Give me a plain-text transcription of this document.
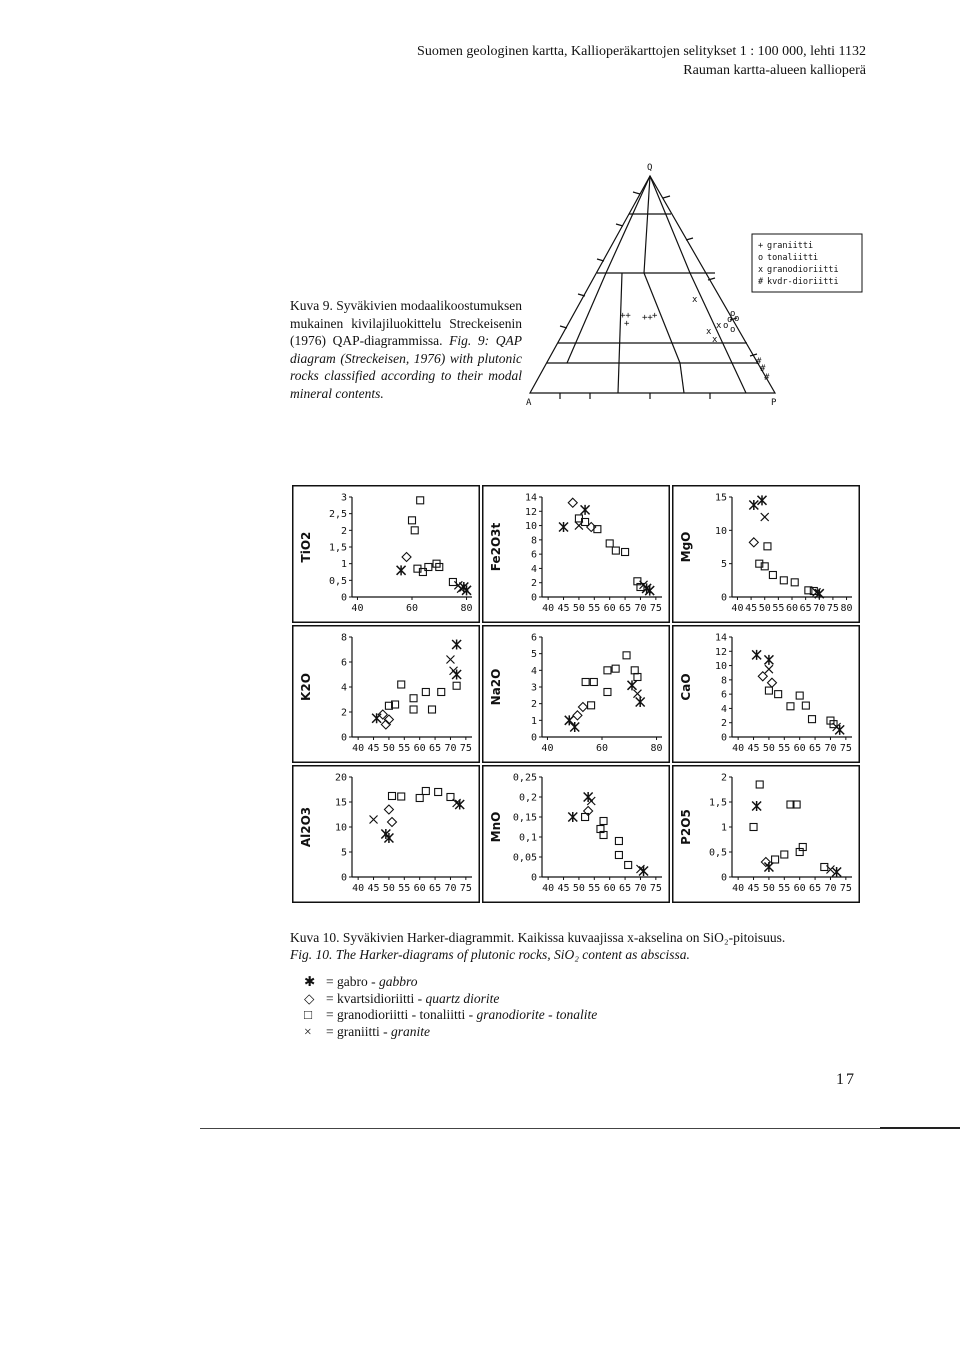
Suomen geologinen kartta, Kallioperäkarttojen selitykset 1 : 100 000, lehti 1132
Rauman kartta-alueen kallioperä
Kuva 9. Syväkivien modaalikoostumuksen mukainen kivilajiluokittelu Streckeisenin (1976) QAP-diagrammissa. Fig. 9: QAP diagram (Streckeisen, 1976) with plutonic rocks classified according to their modal mineral contents.
Q
A	P
++
+
++ +
x
x
x
x
o
o
o
o
o
#
#
#
+ graniitti
o tonaliitti
x granodioriitti
# kvdr-dioriitti
TiO2
3
2,5
2
1,5
1
0,5
0
40	60	80
Fe2O3t
14
12
10
8
6
4
2
0
40 45 50 55 60 65 70 75
MgO
15
10
5
0
40 45 50 55 60 65 70 75 80
K2O
8
6
4
2
0
40 45 50 55 60 65 70 75
Na2O
6
5
4
3
2
1
0
40	60	80
CaO
14
12
10
8
6
4
2
0
40 45 50 55 60 65 70 75
Al2O3
20
15
10
5
0
40 45 50 55 60 65 70 75
MnO
0,25
0,2
0,15
0,1
0,05
0
40 45 50 55 60 65 70 75
P2O5
2
1,5
1
0,5
0
40 45 50 55 60 65 70 75
Kuva 10. Syväkivien Harker-diagrammit. Kaikissa kuvaajissa x-akselina on SiO₂-pitoisuus.
Fig. 10. The Harker-diagrams of plutonic rocks, SiO₂ content as abscissa.
✱ = gabro - gabbro
◇ = kvartsidioriitti - quartz diorite
□	= granodioriitti - tonaliitti - granodiorite - tonalite
×	= graniitti - granite
17
